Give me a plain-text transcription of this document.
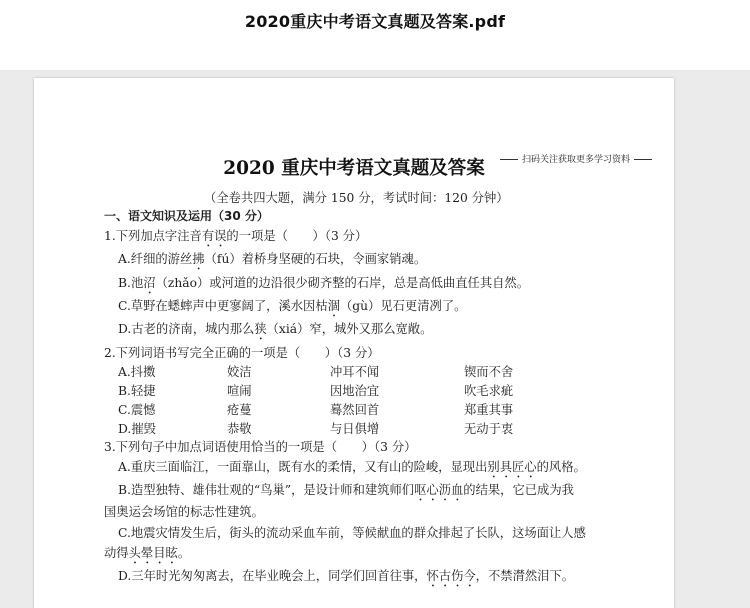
2020重庆中考语文真题及答案.pdf
2020 重庆中考语文真题及答案	扫码关注获取更多学习资料
（全卷共四大题，满分 150 分，考试时间：120 分钟）
一、语文知识及运用（30 分）
1.下列加点字注音有误的一项是（　　）（3 分）
A.纤细的游丝拂（fú）着桥身坚硬的石块，令画家销魂。
B.池沼（zhǎo）或河道的边沿很少砌齐整的石岸，总是高低曲直任其自然。
C.草野在蟋蟀声中更寥阔了，溪水因枯涸（gù）见石更清冽了。
D.古老的济南，城内那么狭（xiá）窄，城外又那么宽敞。
2.下列词语书写完全正确的一项是（　　）（3 分）
A.抖擞	姣洁	冲耳不闻	锲而不舍
B.轻捷	喧闹	因地治宜	吹毛求疵
C.震憾	疮蔓	蓦然回首	郑重其事
D.摧毁	恭敬	与日俱增	无动于衷
3.下列句子中加点词语使用恰当的一项是（　　）（3 分）
A.重庆三面临江，一面靠山，既有水的柔情，又有山的险峻，显现出别具匠心的风格。
B.造型独特、雄伟壮观的“鸟巢”，是设计师和建筑师们呕心沥血的结果，它已成为我
国奥运会场馆的标志性建筑。
C.地震灾情发生后，街头的流动采血车前，等候献血的群众排起了长队，这场面让人感
动得头晕目眩。
D.三年时光匆匆离去，在毕业晚会上，同学们回首往事，怀古伤今，不禁潸然泪下。
